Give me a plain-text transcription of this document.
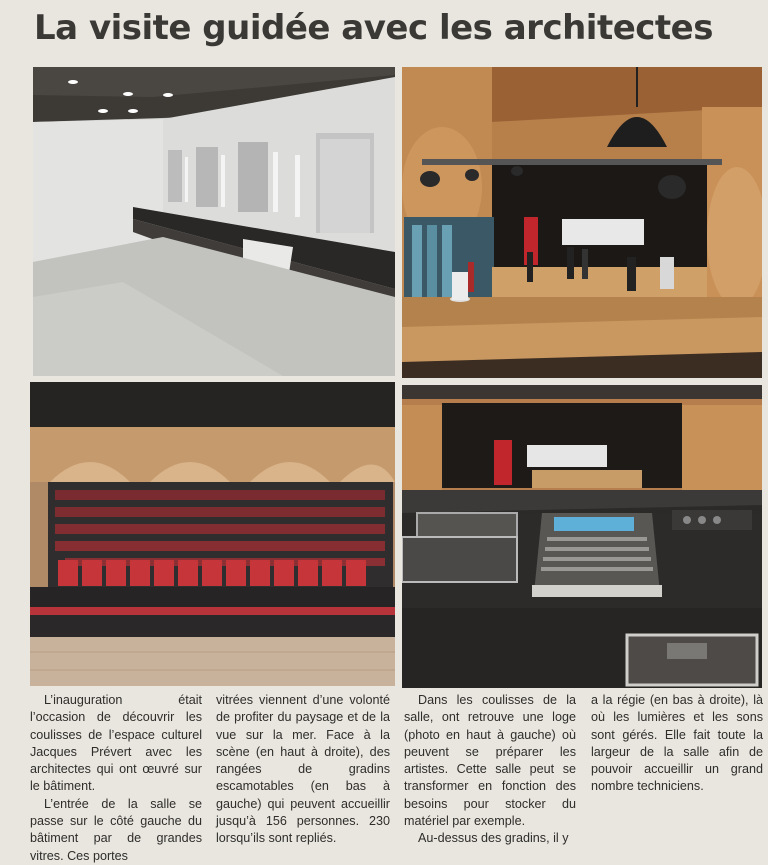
La visite guidée avec les architectes

L’inauguration était l’occasion de découvrir les coulisses de l’espace culturel Jacques Prévert avec les architectes qui ont œuvré sur le bâtiment.

L’entrée de la salle se passe sur le côté gauche du bâtiment par de grandes vitres. Ces portes

vitrées viennent d’une volonté de profiter du paysage et de la vue sur la mer. Face à la scène (en haut à droite), des rangées de gradins escamotables (en bas à gauche) qui peuvent accueillir jusqu’à 156 personnes. 230 lorsqu’ils sont repliés.

Dans les coulisses de la salle, ont retrouve une loge (photo en haut à gauche) où peuvent se préparer les artistes. Cette salle peut se transformer en fonction des besoins pour stocker du matériel par exemple.

Au-dessus des gradins, il y

a la régie (en bas à droite), là où les lumières et les sons sont gérés. Elle fait toute la largeur de la salle afin de pouvoir accueillir un grand nombre techniciens.
